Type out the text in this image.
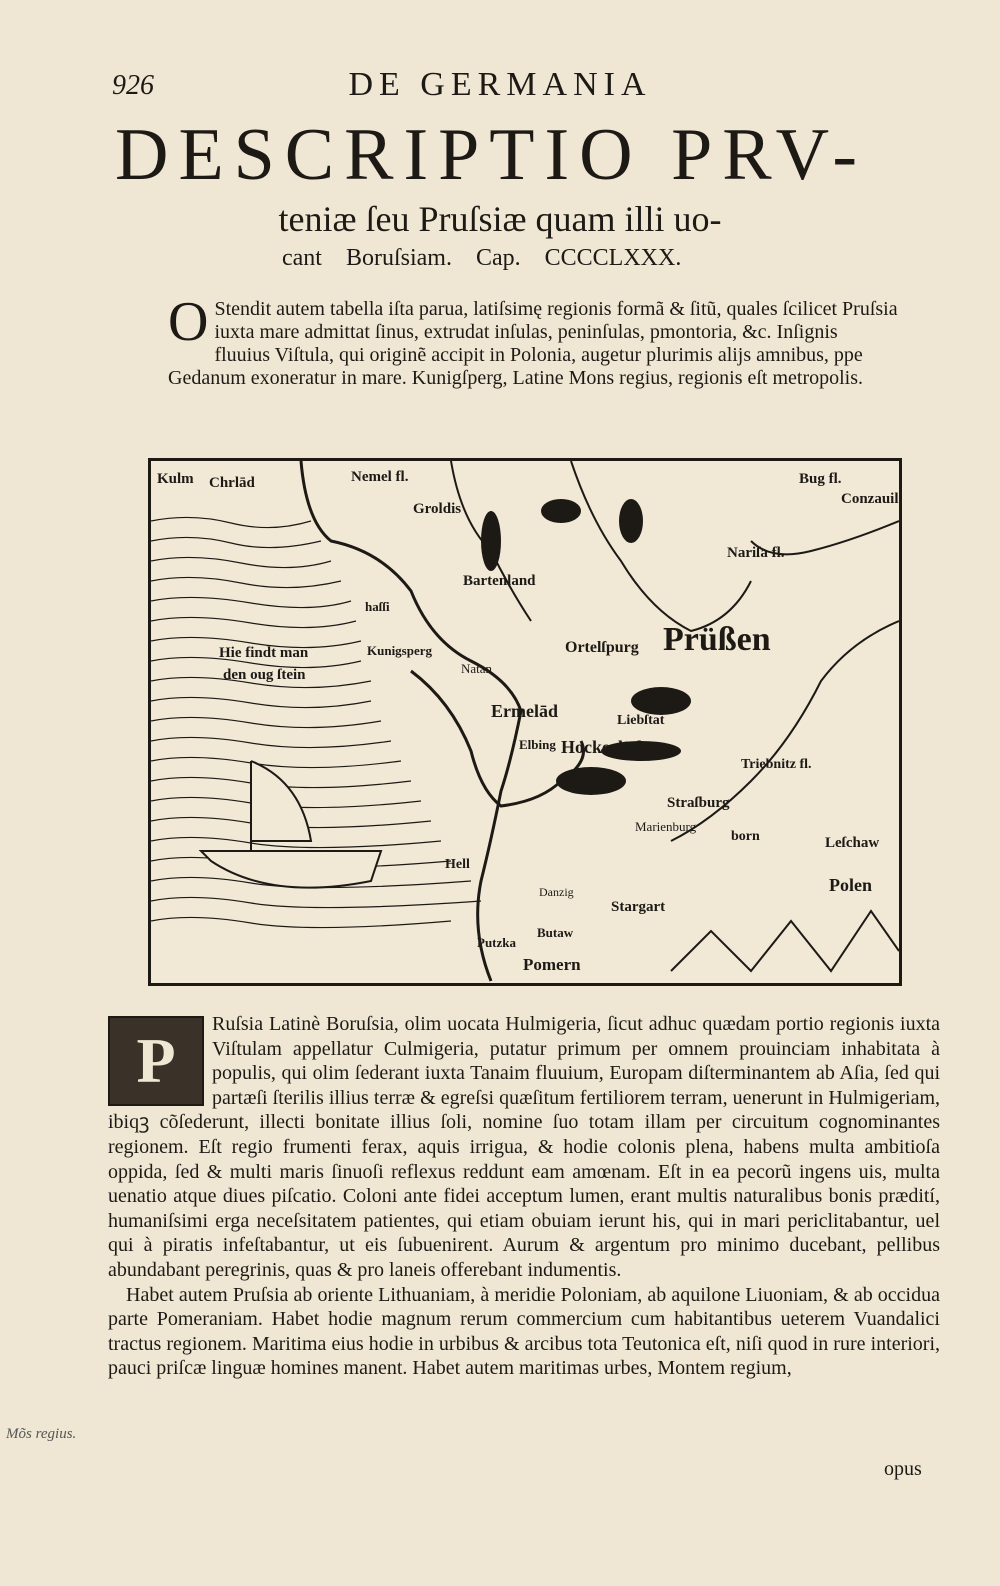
926	DE GERMANIA
DESCRIPTIO PRV-
teniæ ſeu Pruſsiæ quam illi uo-
cant Boruſsiam. Cap. CCCCLXXX.
O Stendit autem tabella iſta parua, latiſsimę regionis formã & ſitũ, quales ſcilicet Pruſsia iuxta mare admittat ſinus, extrudat inſulas, peninſulas, pmontoria, &c. Inſignis fluuius Viſtula, qui originẽ accipit in Polonia, augetur plurimis alijs amnibus, ppe Gedanum exoneratur in mare. Kunigſperg, Latine Mons regius, regionis eſt metropolis.

Kulm Chrlād	Nemel fl.
Groldis
Bartenland
Nariſa fl.
Bug fl.
Conzauil
haſſi
Hie findt man
den oug ſtein
Kunigsperg
Natan
Ortelſpurg Prüßen
Ermelād	Liebſtat
Elbing Hockerlād
Triebnitz fl.
Straſburg
Marienburg
born	Leſchaw
Hell
Danzig
Stargart
Polen
Putzka
Butaw
Pomern
P

Ruſsia Latinè Boruſsia, olim uocata Hulmigeria, ſicut adhuc quædam portio regionis iuxta Viſtulam appellatur Culmigeria, putatur primum per omnem prouinciam inhabitata à populis, qui olim ſederant iuxta Tanaim fluuium, Europam diſterminantem ab Aſia, ſed qui partæſi ſterilis illius terræ & egreſsi quæſitum fertiliorem terram, uenerunt in Hulmigeriam, ibiqꝫ cõſederunt, illecti bonitate illius ſoli, nomine ſuo totam illam per circuitum cognominantes regionem. Eſt regio frumenti ferax, aquis irrigua, & hodie colonis plena, habens multa ambitioſa oppida, ſed & multi maris ſinuoſi reflexus reddunt eam amœnam. Eſt in ea pecorũ ingens uis, multa uenatio atque diues piſcatio. Coloni ante fidei acceptum lumen, erant multis naturalibus bonis prædití, humaniſsimi erga neceſsitatem patientes, qui etiam obuiam ierunt his, qui in mari periclitabantur, uel qui à piratis infeſtabantur, ut eis ſubuenirent. Aurum & argentum pro minimo ducebant, pellibus abundabant peregrinis, quas & pro laneis offerebant indumentis.

Habet autem Pruſsia ab oriente Lithuaniam, à meridie Poloniam, ab aquilone Liuoniam, & ab occidua parte Pomeraniam. Habet hodie magnum rerum commercium cum habitantibus ueterem Vuandalici tractus regionem. Maritima eius hodie in urbibus & arcibus tota Teutonica eſt, niſi quod in rure interiori, pauci priſcæ linguæ homines manent. Habet autem maritimas urbes, Montem regium,

Mõs regius.
opus
